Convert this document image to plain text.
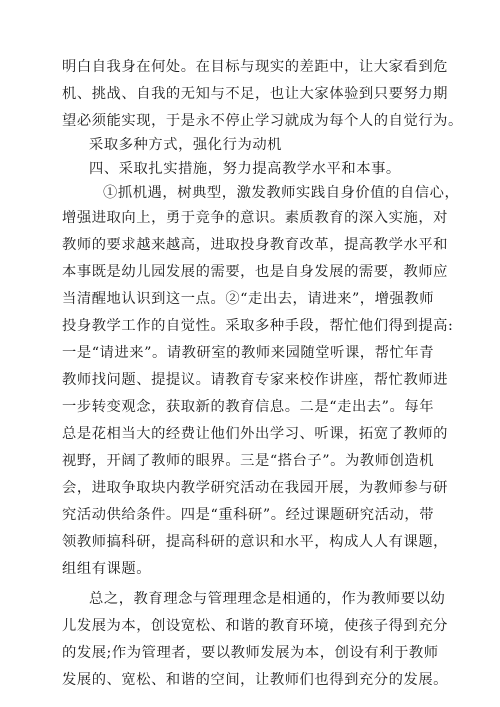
明白自我身在何处。在目标与现实的差距中，让大家看到危
机、挑战、自我的无知与不足，也让大家体验到只要努力期
望必须能实现，于是永不停止学习就成为每个人的自觉行为。
采取多种方式，强化行为动机
四、采取扎实措施，努力提高教学水平和本事。
①抓机遇，树典型，激发教师实践自身价值的自信心，
增强进取向上，勇于竞争的意识。素质教育的深入实施，对
教师的要求越来越高，进取投身教育改革，提高教学水平和
本事既是幼儿园发展的需要，也是自身发展的需要，教师应
当清醒地认识到这一点。②“走出去，请进来”，增强教师
投身教学工作的自觉性。采取多种手段，帮忙他们得到提高:
一是“请进来”。请教研室的教师来园随堂听课，帮忙年青
教师找问题、提提议。请教育专家来校作讲座，帮忙教师进
一步转变观念，获取新的教育信息。二是“走出去”。每年
总是花相当大的经费让他们外出学习、听课，拓宽了教师的
视野，开阔了教师的眼界。三是“搭台子”。为教师创造机
会，进取争取块内教学研究活动在我园开展，为教师参与研
究活动供给条件。四是“重科研”。经过课题研究活动，带
领教师搞科研，提高科研的意识和水平，构成人人有课题，
组组有课题。
总之，教育理念与管理理念是相通的，作为教师要以幼
儿发展为本，创设宽松、和谐的教育环境，使孩子得到充分
的发展;作为管理者，要以教师发展为本，创设有利于教师
发展的、宽松、和谐的空间，让教师们也得到充分的发展。
